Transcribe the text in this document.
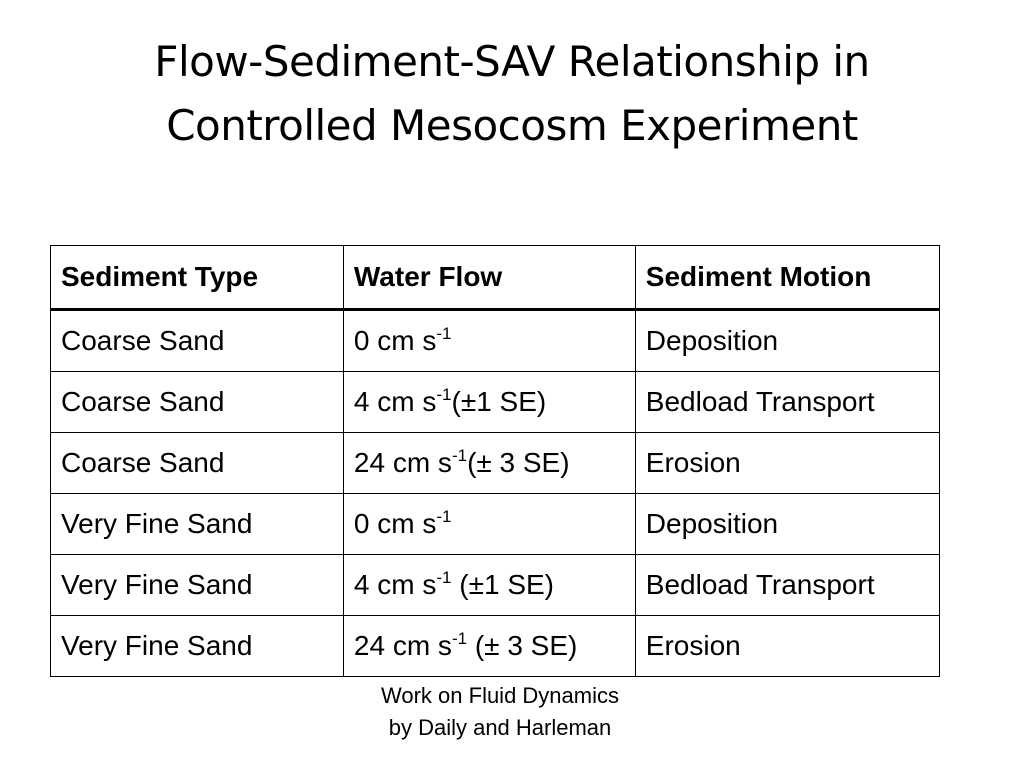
Flow-Sediment-SAV Relationship in
Controlled Mesocosm Experiment
Sediment Type	Water Flow	Sediment Motion
Coarse Sand	0 cm $s^{-1}$	Deposition
Coarse Sand	4 cm $s^{-1}(\pm 1$ SE)	Bedload Transport
Coarse Sand	24 cm $s^{-1}(\pm 3$ SE)	Erosion
Very Fine Sand	0 cm $s^{-1}$	Deposition
Very Fine Sand	4 cm $s^{-1}$ (±1 SE)	Bedload Transport
Very Fine Sand	24 cm $s^{-1}$ (± 3 SE)	Erosion
Work on Fluid Dynamics
by Daily and Harleman
